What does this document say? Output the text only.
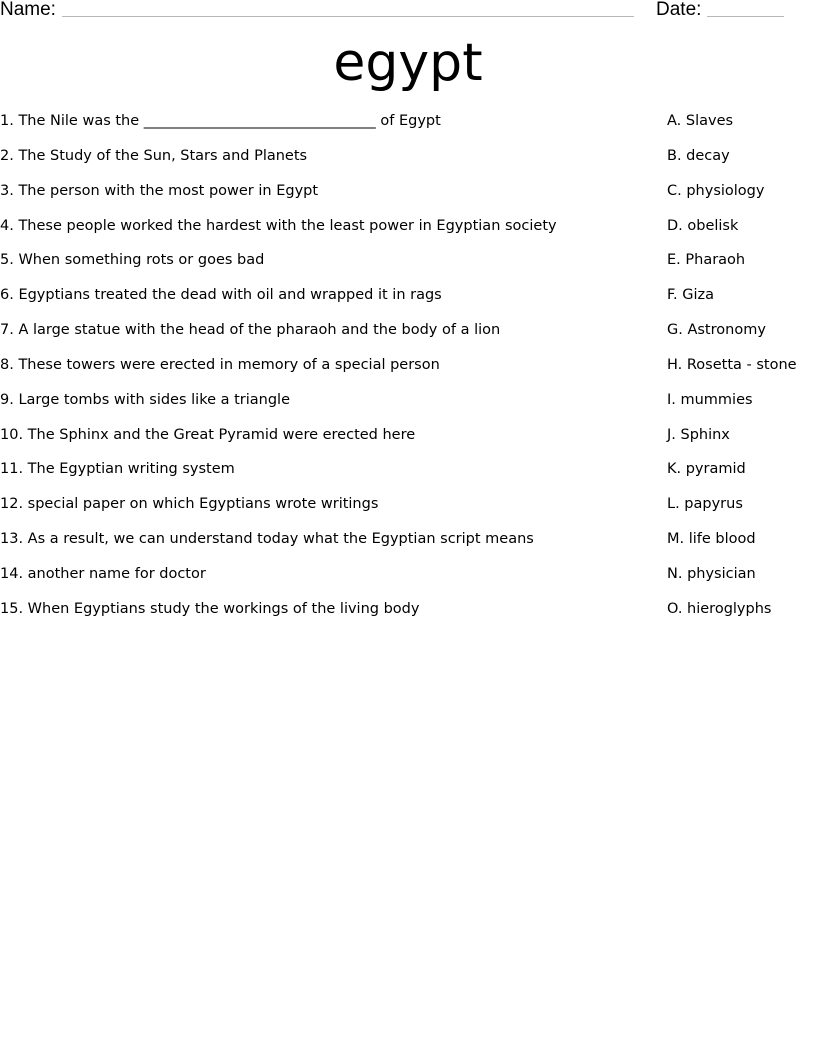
Name:	Date:
egypt
1. The Nile was the ________________________________ of Egypt
2. The Study of the Sun, Stars and Planets
3. The person with the most power in Egypt
4. These people worked the hardest with the least power in Egyptian society
5. When something rots or goes bad
6. Egyptians treated the dead with oil and wrapped it in rags
7. A large statue with the head of the pharaoh and the body of a lion
8. These towers were erected in memory of a special person
9. Large tombs with sides like a triangle
10. The Sphinx and the Great Pyramid were erected here
11. The Egyptian writing system
12. special paper on which Egyptians wrote writings
13. As a result, we can understand today what the Egyptian script means
14. another name for doctor
15. When Egyptians study the workings of the living body
A. Slaves
B. decay
C. physiology
D. obelisk
E. Pharaoh
F. Giza
G. Astronomy
H. Rosetta - stone
I. mummies
J. Sphinx
K. pyramid
L. papyrus
M. life blood
N. physician
O. hieroglyphs
